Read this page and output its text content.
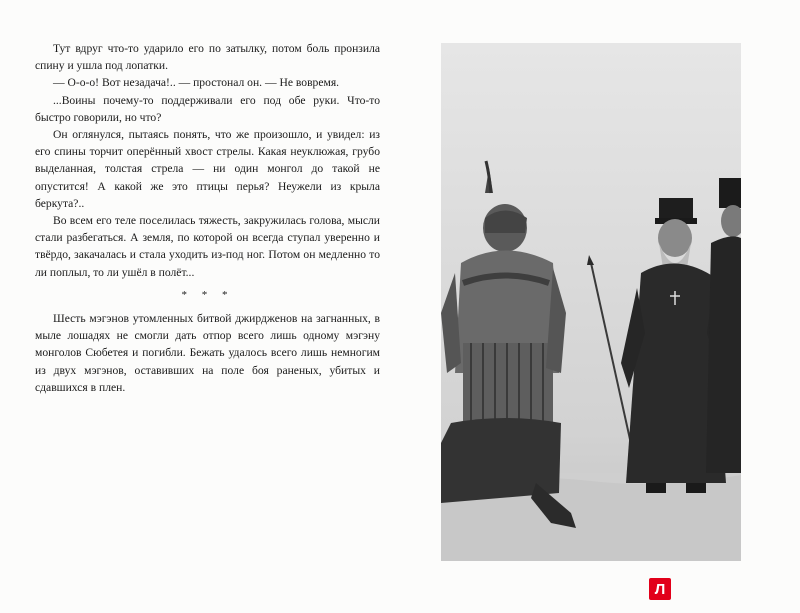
Тут вдруг что-то ударило его по затылку, потом боль пронзила спину и ушла под лопатки.

— О-о-о! Вот незадача!.. — простонал он. — Не вовремя.

...Воины почему-то поддерживали его под обе руки. Что-то быстро говорили, но что?

Он оглянулся, пытаясь понять, что же произошло, и увидел: из его спины торчит оперённый хвост стрелы. Какая неуклюжая, грубо выделанная, толстая стрела — ни один монгол до такой не опустится! А какой же это птицы перья? Неужели из крыла беркута?..

Во всем его теле поселилась тяжесть, закружилась голова, мысли стали разбегаться. А земля, по которой он всегда ступал уверенно и твёрдо, закачалась и стала уходить из-под ног. Потом он медленно то ли поплыл, то ли ушёл в полёт...

* * *

Шесть мэгэнов утомленных битвой джирдженов на загнанных, в мыле лошадях не смогли дать отпор всего лишь одному мэгэну монголов Сюбетея и погибли. Бежать удалось всего лишь немногим из двух мэгэнов, оставивших на поле боя раненых, убитых и сдавшихся в плен.

Л
